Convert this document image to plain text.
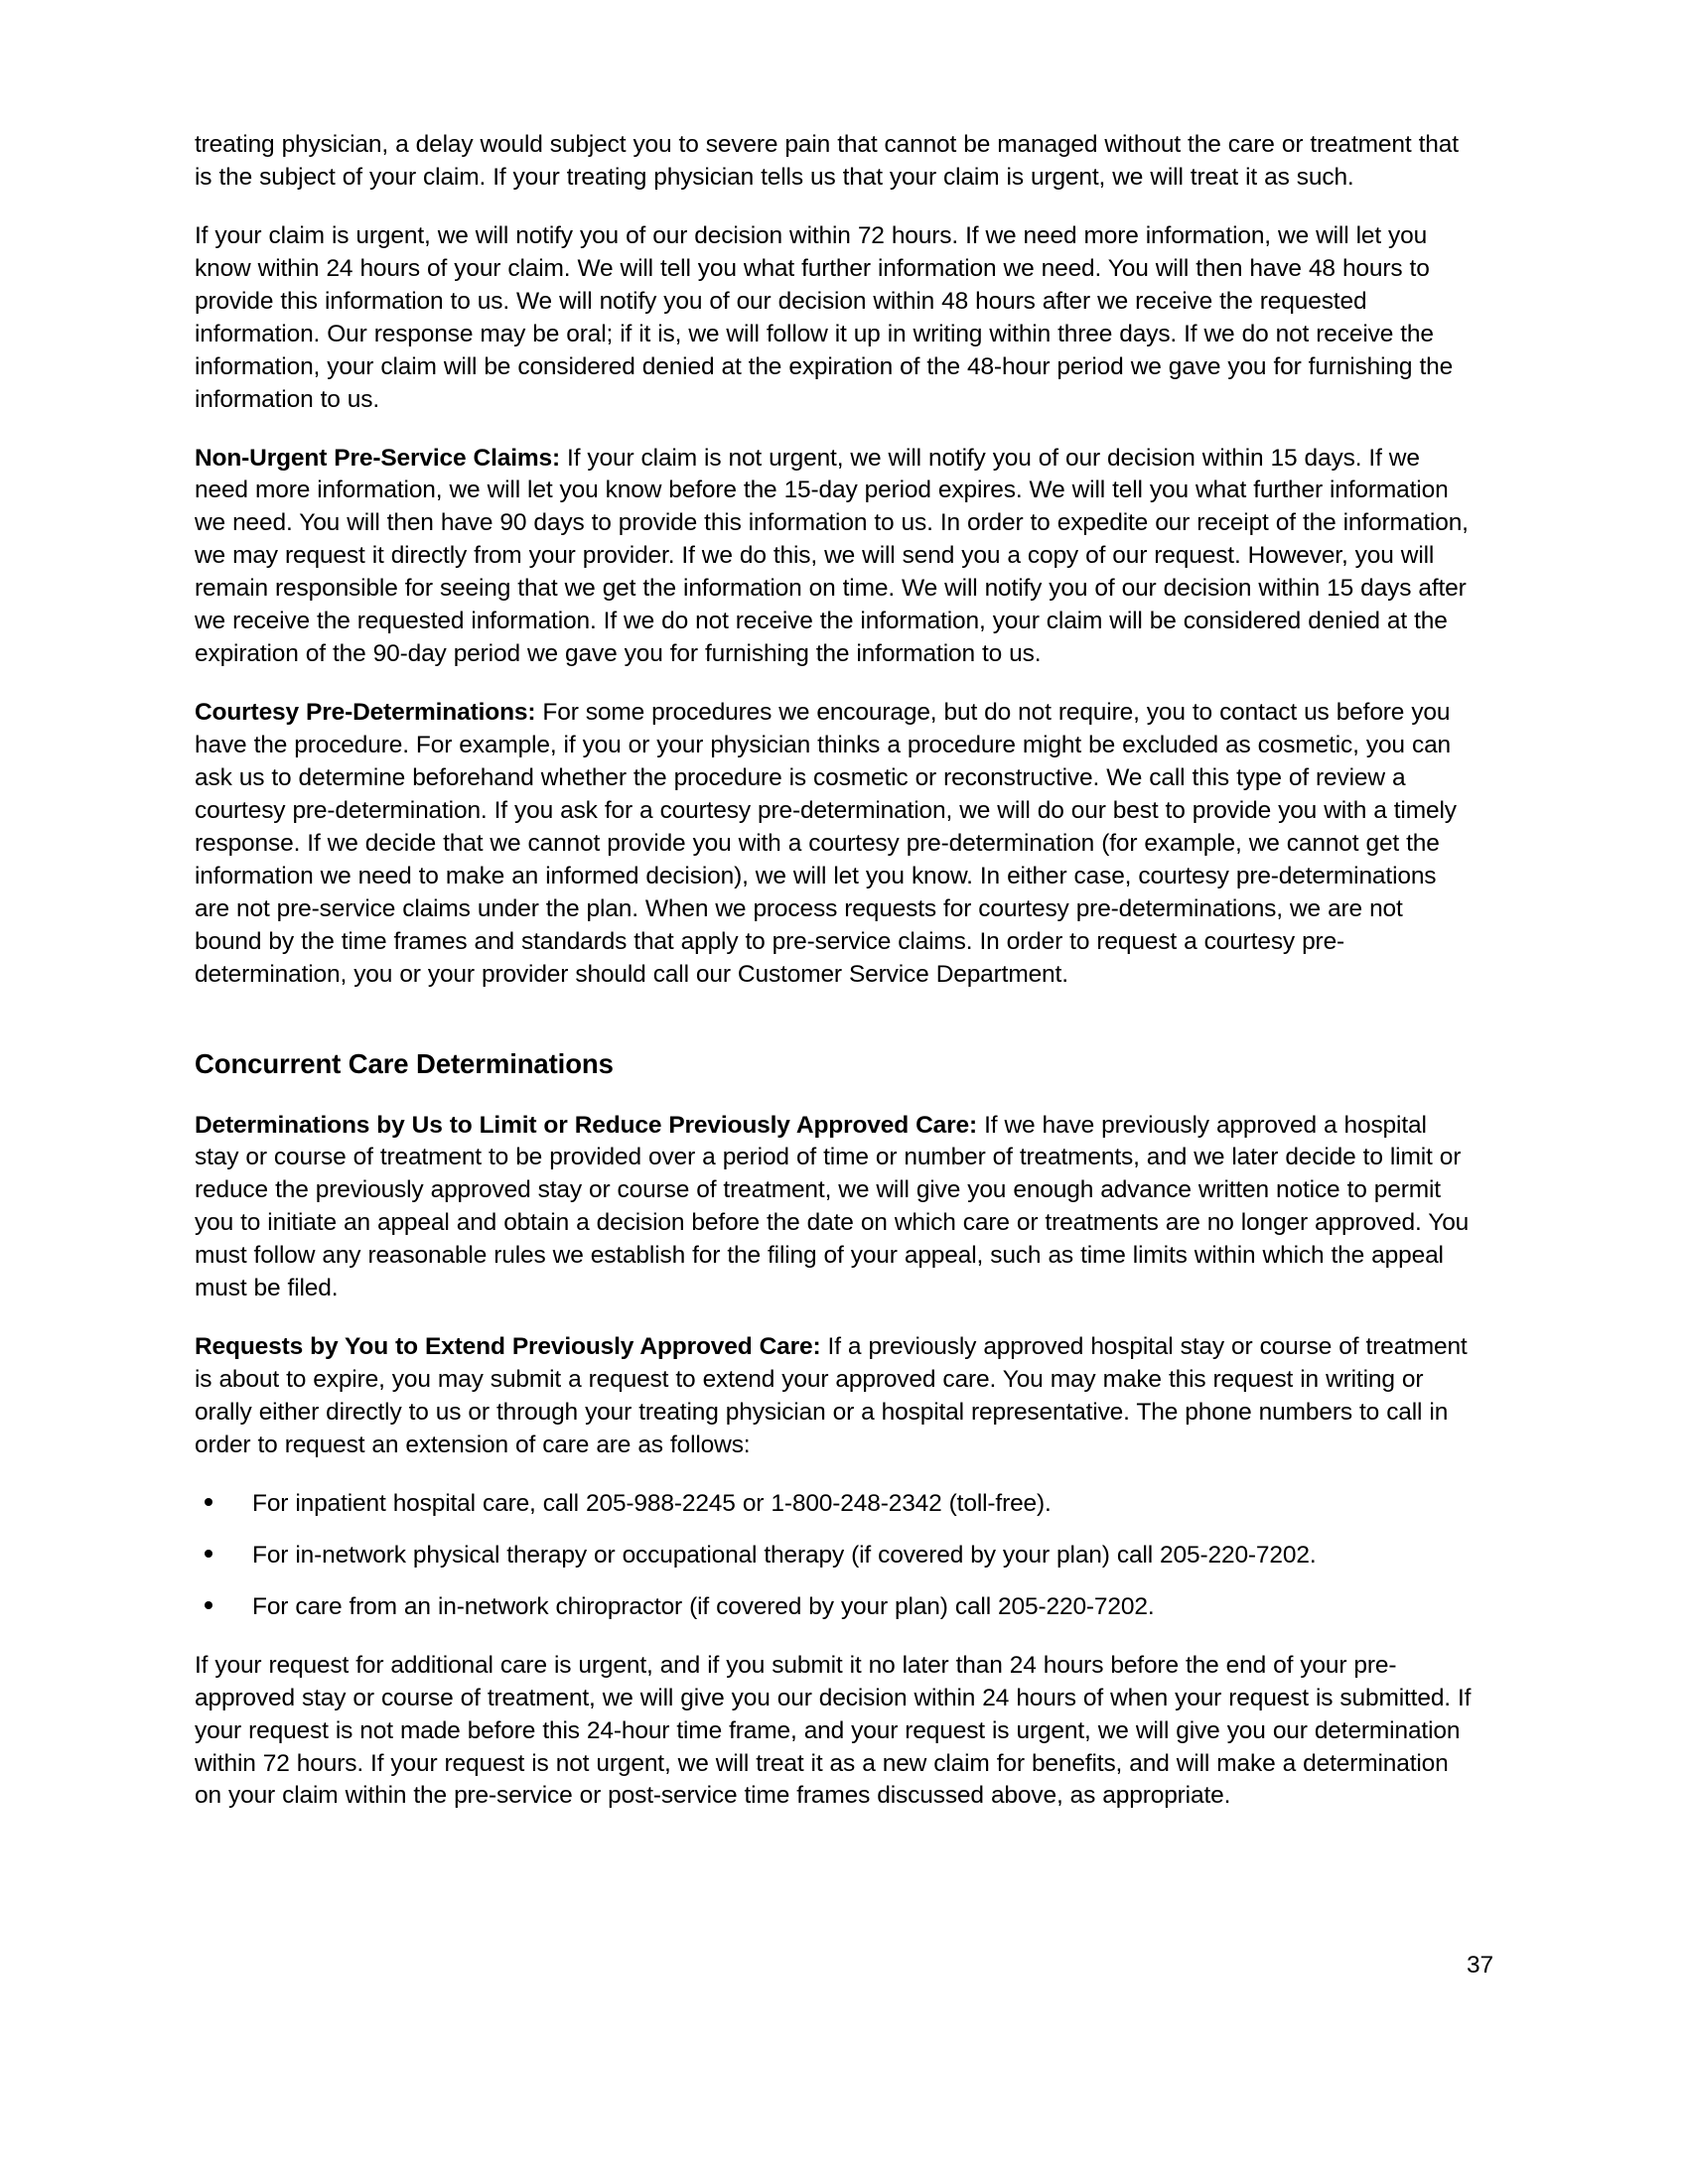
treating physician, a delay would subject you to severe pain that cannot be managed without the care or treatment that is the subject of your claim. If your treating physician tells us that your claim is urgent, we will treat it as such.

If your claim is urgent, we will notify you of our decision within 72 hours. If we need more information, we will let you know within 24 hours of your claim. We will tell you what further information we need. You will then have 48 hours to provide this information to us. We will notify you of our decision within 48 hours after we receive the requested information. Our response may be oral; if it is, we will follow it up in writing within three days. If we do not receive the information, your claim will be considered denied at the expiration of the 48-hour period we gave you for furnishing the information to us.

Non-Urgent Pre-Service Claims: If your claim is not urgent, we will notify you of our decision within 15 days. If we need more information, we will let you know before the 15-day period expires. We will tell you what further information we need. You will then have 90 days to provide this information to us. In order to expedite our receipt of the information, we may request it directly from your provider. If we do this, we will send you a copy of our request. However, you will remain responsible for seeing that we get the information on time. We will notify you of our decision within 15 days after we receive the requested information. If we do not receive the information, your claim will be considered denied at the expiration of the 90-day period we gave you for furnishing the information to us.

Courtesy Pre-Determinations: For some procedures we encourage, but do not require, you to contact us before you have the procedure. For example, if you or your physician thinks a procedure might be excluded as cosmetic, you can ask us to determine beforehand whether the procedure is cosmetic or reconstructive. We call this type of review a courtesy pre-determination. If you ask for a courtesy pre-determination, we will do our best to provide you with a timely response. If we decide that we cannot provide you with a courtesy pre-determination (for example, we cannot get the information we need to make an informed decision), we will let you know. In either case, courtesy pre-determinations are not pre-service claims under the plan. When we process requests for courtesy pre-determinations, we are not bound by the time frames and standards that apply to pre-service claims. In order to request a courtesy pre-determination, you or your provider should call our Customer Service Department.

Concurrent Care Determinations

Determinations by Us to Limit or Reduce Previously Approved Care: If we have previously approved a hospital stay or course of treatment to be provided over a period of time or number of treatments, and we later decide to limit or reduce the previously approved stay or course of treatment, we will give you enough advance written notice to permit you to initiate an appeal and obtain a decision before the date on which care or treatments are no longer approved. You must follow any reasonable rules we establish for the filing of your appeal, such as time limits within which the appeal must be filed.

Requests by You to Extend Previously Approved Care: If a previously approved hospital stay or course of treatment is about to expire, you may submit a request to extend your approved care. You may make this request in writing or orally either directly to us or through your treating physician or a hospital representative. The phone numbers to call in order to request an extension of care are as follows:

For inpatient hospital care, call 205-988-2245 or 1-800-248-2342 (toll-free).
For in-network physical therapy or occupational therapy (if covered by your plan) call 205-220-7202.
For care from an in-network chiropractor (if covered by your plan) call 205-220-7202.

If your request for additional care is urgent, and if you submit it no later than 24 hours before the end of your pre-approved stay or course of treatment, we will give you our decision within 24 hours of when your request is submitted. If your request is not made before this 24-hour time frame, and your request is urgent, we will give you our determination within 72 hours. If your request is not urgent, we will treat it as a new claim for benefits, and will make a determination on your claim within the pre-service or post-service time frames discussed above, as appropriate.

37
